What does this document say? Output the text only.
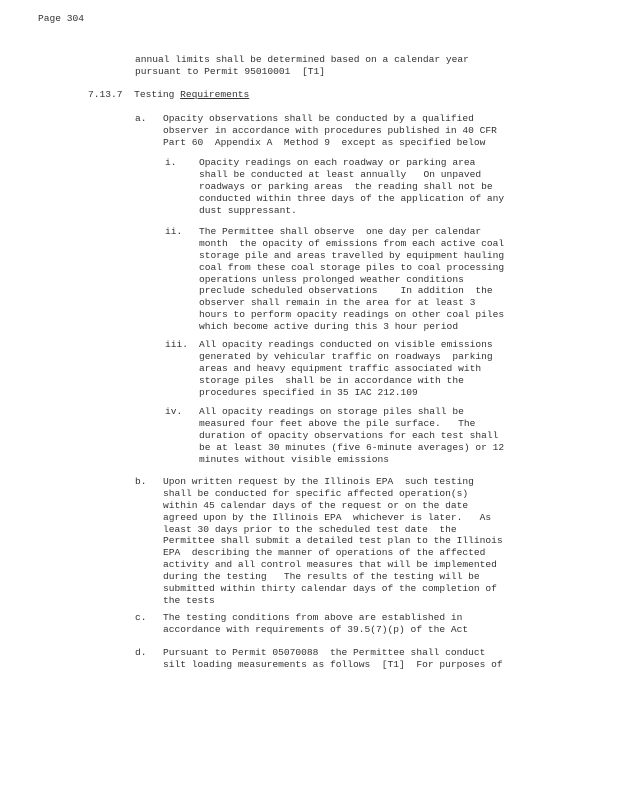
Page 304
annual limits shall be determined based on a calendar year
pursuant to Permit 95010001  [T1]
7.13.7 Testing Requirements
a. Opacity observations shall be conducted by a qualified
observer in accordance with procedures published in 40 CFR
Part 60  Appendix A  Method 9  except as specified below
i. Opacity readings on each roadway or parking area
shall be conducted at least annually   On unpaved
roadways or parking areas  the reading shall not be
conducted within three days of the application of any
dust suppressant.
ii. The Permittee shall observe  one day per calendar
month  the opacity of emissions from each active coal
storage pile and areas travelled by equipment hauling
coal from these coal storage piles to coal processing
operations unless prolonged weather conditions
preclude scheduled observations    In addition  the
observer shall remain in the area for at least 3
hours to perform opacity readings on other coal piles
which become active during this 3 hour period
iii. All opacity readings conducted on visible emissions
generated by vehicular traffic on roadways  parking
areas and heavy equipment traffic associated with
storage piles  shall be in accordance with the
procedures specified in 35 IAC 212.109
iv. All opacity readings on storage piles shall be
measured four feet above the pile surface.   The
duration of opacity observations for each test shall
be at least 30 minutes (five 6-minute averages) or 12
minutes without visible emissions
b. Upon written request by the Illinois EPA  such testing
shall be conducted for specific affected operation(s)
within 45 calendar days of the request or on the date
agreed upon by the Illinois EPA  whichever is later.   As
least 30 days prior to the scheduled test date  the
Permittee shall submit a detailed test plan to the Illinois
EPA  describing the manner of operations of the affected
activity and all control measures that will be implemented
during the testing   The results of the testing will be
submitted within thirty calendar days of the completion of
the tests
c. The testing conditions from above are established in
accordance with requirements of 39.5(7)(p) of the Act
d. Pursuant to Permit 05070088  the Permittee shall conduct
silt loading measurements as follows  [T1]  For purposes of
